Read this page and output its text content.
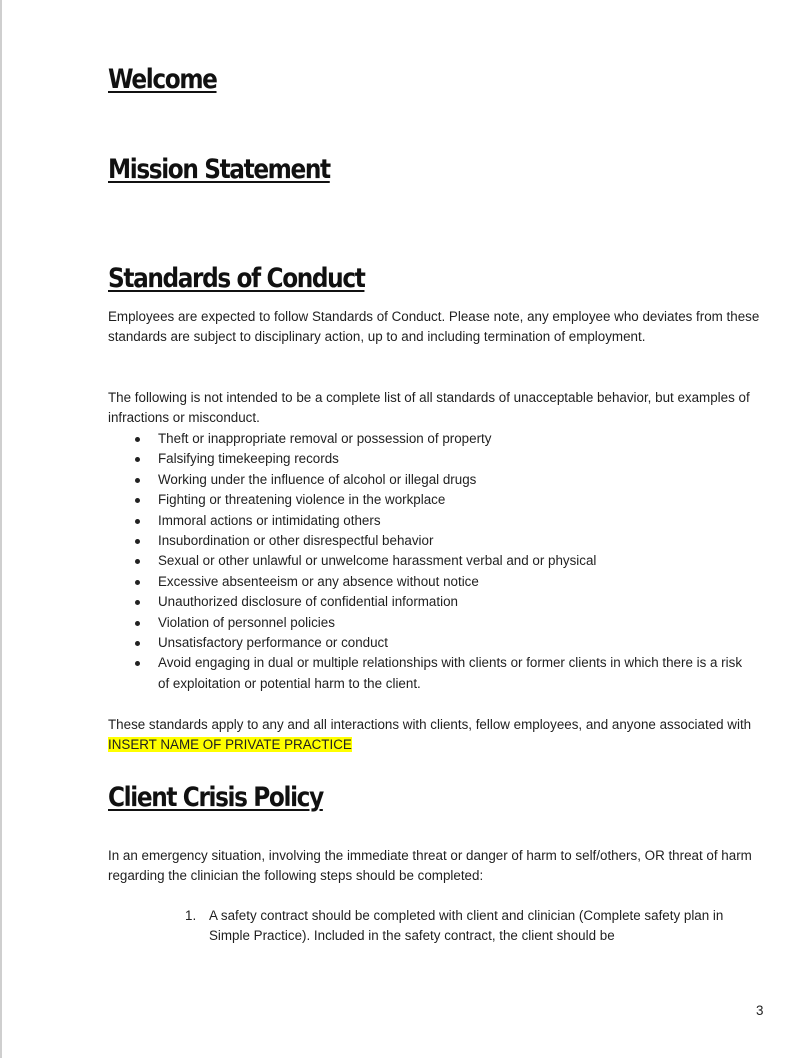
Welcome
Mission Statement
Standards of Conduct

Employees are expected to follow Standards of Conduct. Please note, any employee who deviates from these standards are subject to disciplinary action, up to and including termination of employment.

The following is not intended to be a complete list of all standards of unacceptable behavior, but examples of infractions or misconduct.

Theft or inappropriate removal or possession of property
Falsifying timekeeping records
Working under the influence of alcohol or illegal drugs
Fighting or threatening violence in the workplace
Immoral actions or intimidating others
Insubordination or other disrespectful behavior
Sexual or other unlawful or unwelcome harassment verbal and or physical
Excessive absenteeism or any absence without notice
Unauthorized disclosure of confidential information
Violation of personnel policies
Unsatisfactory performance or conduct
Avoid engaging in dual or multiple relationships with clients or former clients in which there is a risk of exploitation or potential harm to the client.

These standards apply to any and all interactions with clients, fellow employees, and anyone associated with INSERT NAME OF PRIVATE PRACTICE

Client Crisis Policy

In an emergency situation, involving the immediate threat or danger of harm to self/others, OR threat of harm regarding the clinician the following steps should be completed:

1. A safety contract should be completed with client and clinician (Complete safety plan in Simple Practice). Included in the safety contract, the client should be
3
